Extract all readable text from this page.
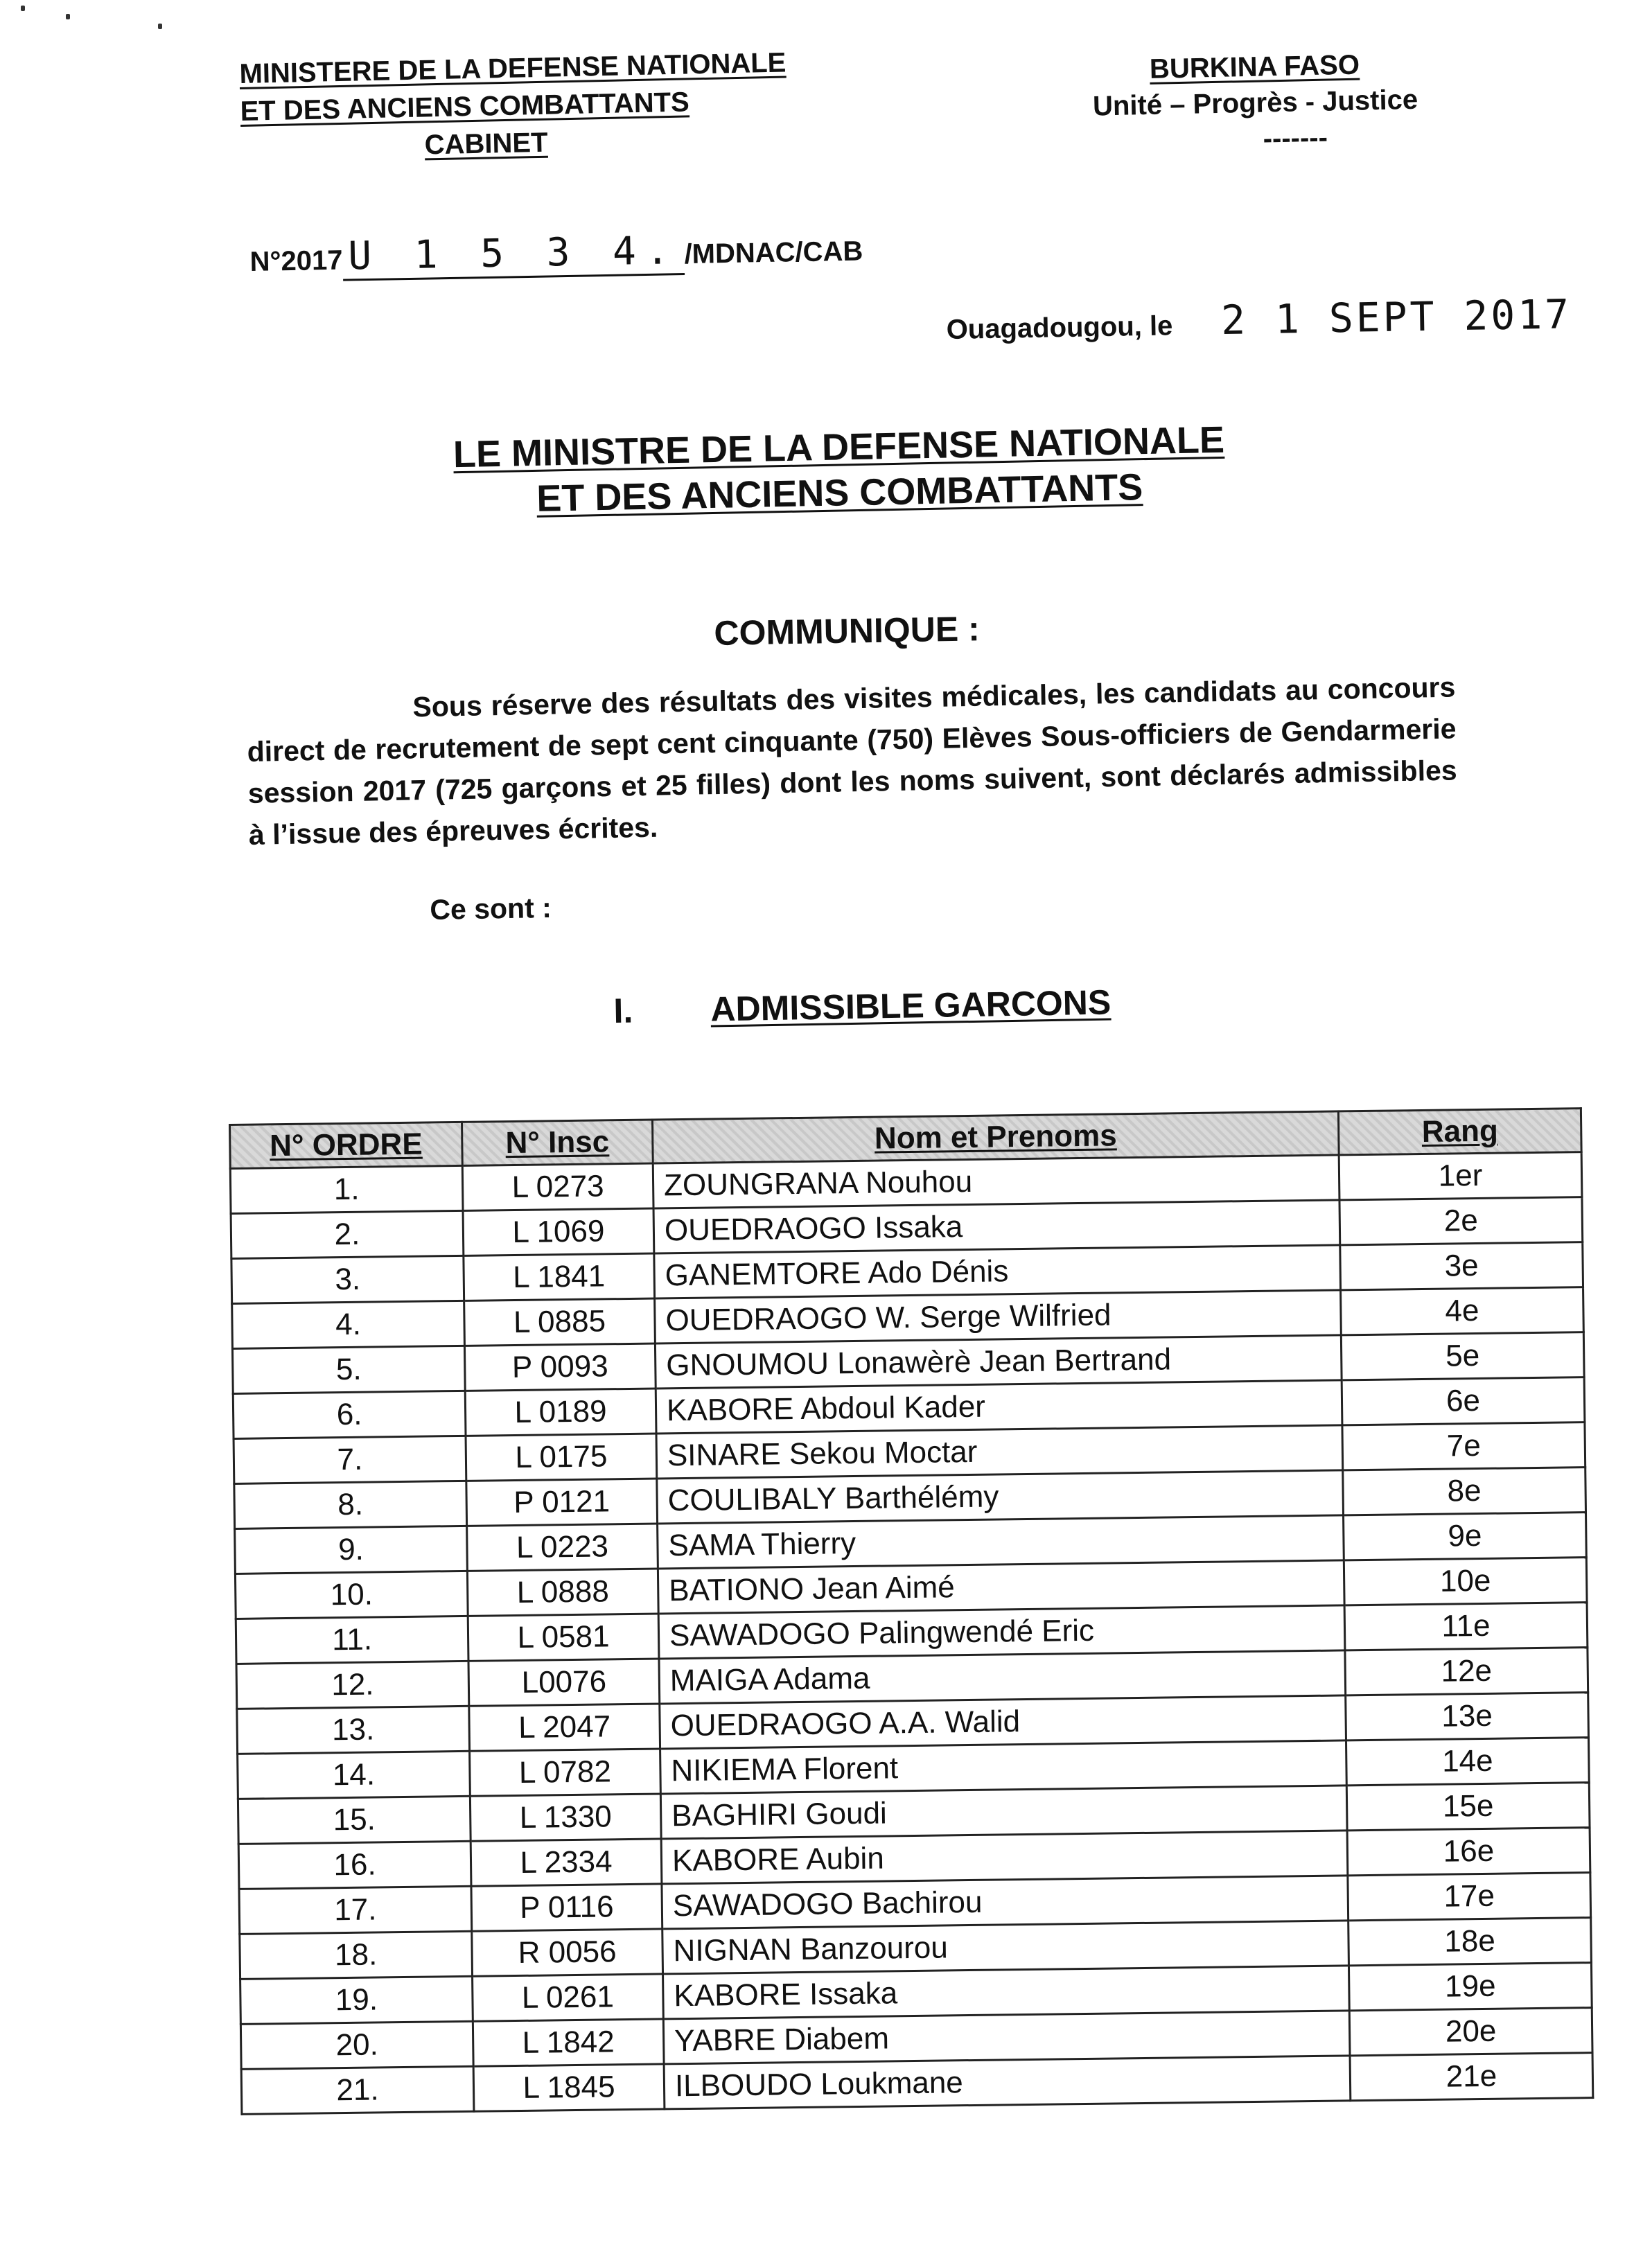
MINISTERE DE LA DEFENSE NATIONALE
ET DES ANCIENS COMBATTANTS
CABINET
BURKINA FASO
Unité – Progrès - Justice
-------
N°2017 U 1 5 3 4. /MDNAC/CAB
Ouagadougou, le 2 1 SEPT 2017
LE MINISTRE DE LA DEFENSE NATIONALE
ET DES ANCIENS COMBATTANTS
COMMUNIQUE :
Sous réserve des résultats des visites médicales, les candidats au concours direct de recrutement de sept cent cinquante (750) Elèves Sous-officiers de Gendarmerie session 2017 (725 garçons et 25 filles) dont les noms suivent, sont déclarés admissibles à l’issue des épreuves écrites.
Ce sont :
I. ADMISSIBLE GARCONS
N° ORDRE	N° Insc	Nom et Prenoms	Rang
1.	L 0273	ZOUNGRANA Nouhou	1er
2.	L 1069	OUEDRAOGO Issaka	2e
3.	L 1841	GANEMTORE Ado Dénis	3e
4.	L 0885	OUEDRAOGO W. Serge Wilfried	4e
5.	P 0093	GNOUMOU Lonawèrè Jean Bertrand	5e
6.	L 0189	KABORE Abdoul Kader	6e
7.	L 0175	SINARE Sekou Moctar	7e
8.	P 0121	COULIBALY Barthélémy	8e
9.	L 0223	SAMA Thierry	9e
10.	L 0888	BATIONO Jean Aimé	10e
11.	L 0581	SAWADOGO Palingwendé Eric	11e
12.	L0076	MAIGA Adama	12e
13.	L 2047	OUEDRAOGO A.A. Walid	13e
14.	L 0782	NIKIEMA Florent	14e
15.	L 1330	BAGHIRI Goudi	15e
16.	L 2334	KABORE Aubin	16e
17.	P 0116	SAWADOGO Bachirou	17e
18.	R 0056	NIGNAN Banzourou	18e
19.	L 0261	KABORE Issaka	19e
20.	L 1842	YABRE Diabem	20e
21.	L 1845	ILBOUDO Loukmane	21e
